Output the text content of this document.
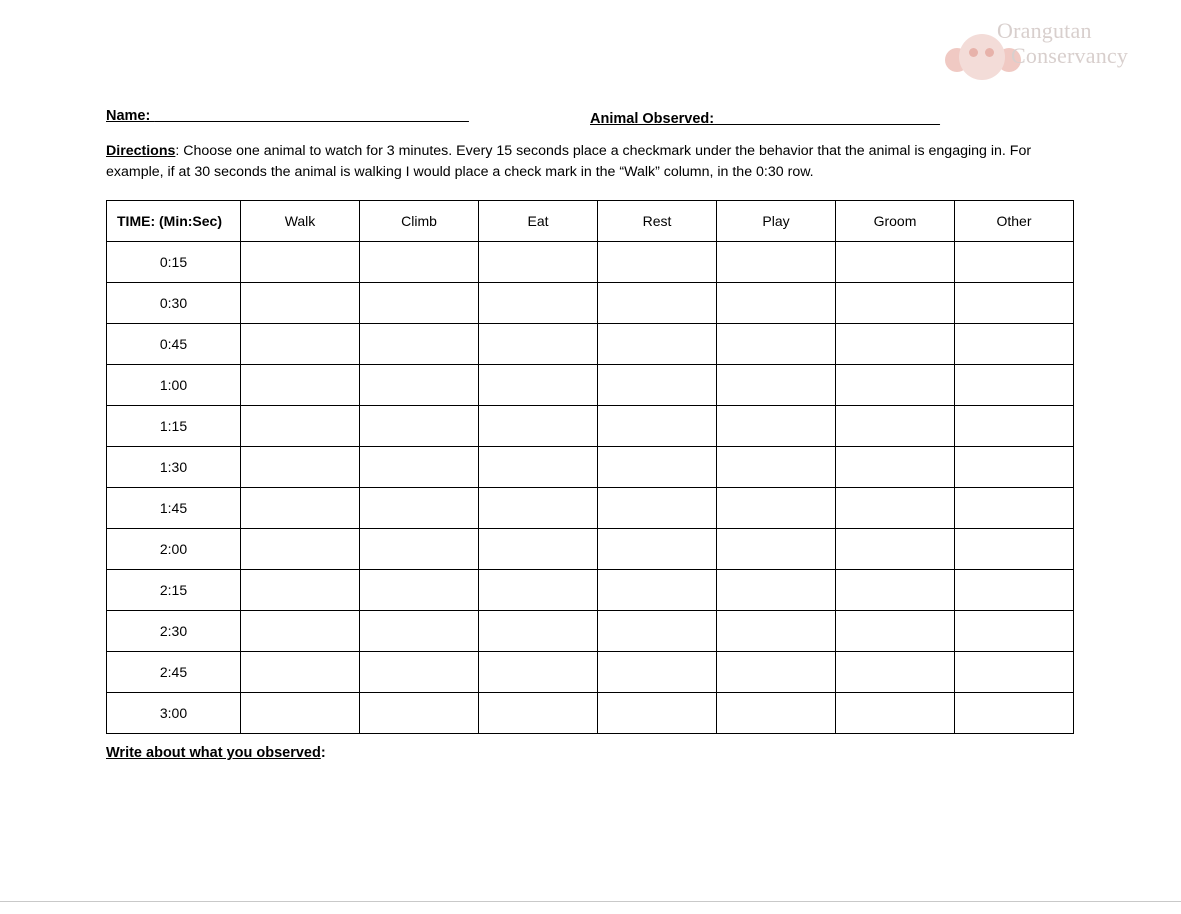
Orangutan
Conservancy
Name: _______________________________________	Animal Observed:____________________________
Directions: Choose one animal to watch for 3 minutes. Every 15 seconds place a checkmark under the behavior that the animal is engaging in. For example, if at 30 seconds the animal is walking I would place a check mark in the “Walk” column, in the 0:30 row.
TIME: (Min:Sec)	Walk	Climb	Eat	Rest	Play	Groom	Other
0:15							
0:30							
0:45							
1:00							
1:15							
1:30							
1:45							
2:00							
2:15							
2:30							
2:45							
3:00							
Write about what you observed:
